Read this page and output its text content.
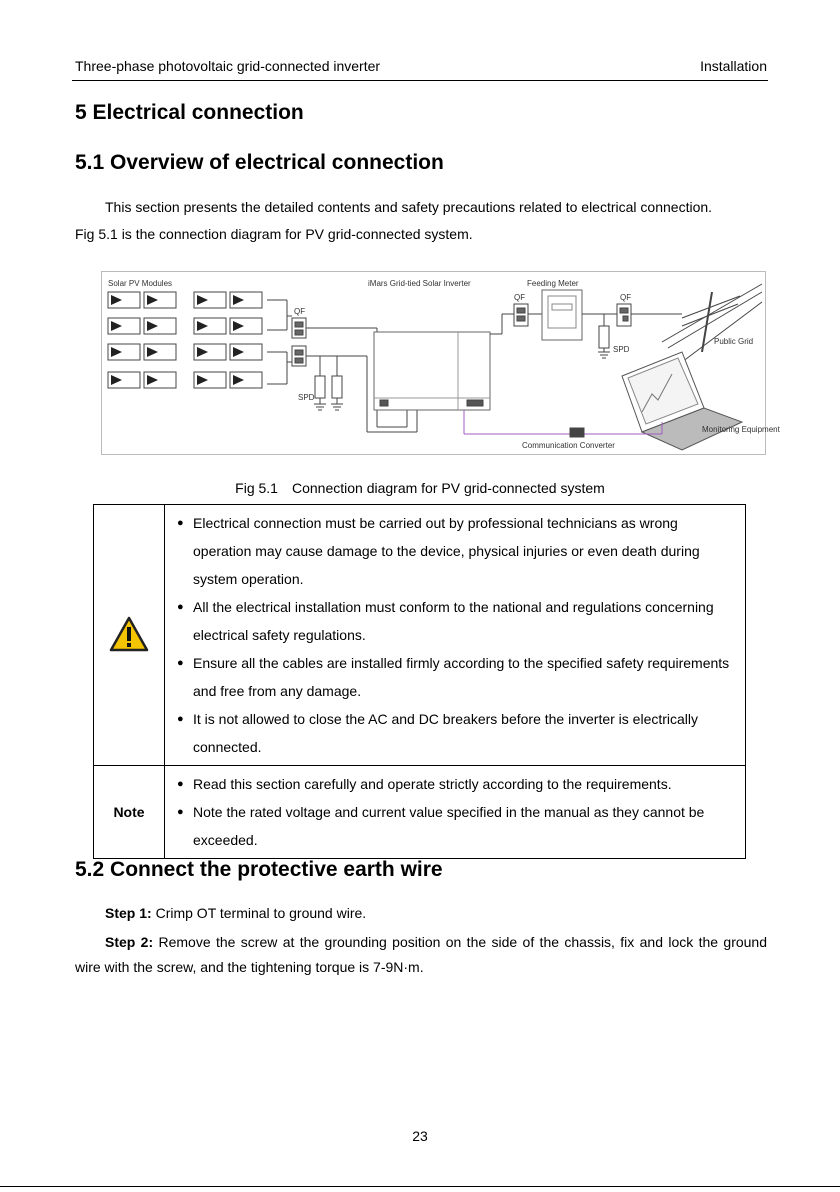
Three-phase photovoltaic grid-connected inverter	Installation
5 Electrical connection
5.1 Overview of electrical connection
This section presents the detailed contents and safety precautions related to electrical connection.
Fig 5.1 is the connection diagram for PV grid-connected system.
Solar PV Modules	iMars Grid-tied Solar Inverter	Feeding Meter
QF
QF	QF
SPD
SPD
Public Grid
Monitoring Equipment
Communication Converter
Fig 5.1 Connection diagram for PV grid-connected system

● Electrical connection must be carried out by professional technicians as wrong operation may cause damage to the device, physical injuries or even death during system operation.
● All the electrical installation must conform to the national and regulations concerning electrical safety regulations.
● Ensure all the cables are installed firmly according to the specified safety requirements and free from any damage.
● It is not allowed to close the AC and DC breakers before the inverter is electrically connected.

Note	● Read this section carefully and operate strictly according to the requirements.
● Note the rated voltage and current value specified in the manual as they cannot be exceeded.
5.2 Connect the protective earth wire
Step 1: Crimp OT terminal to ground wire.
Step 2: Remove the screw at the grounding position on the side of the chassis, fix and lock the ground wire with the screw, and the tightening torque is 7-9N·m.
23
